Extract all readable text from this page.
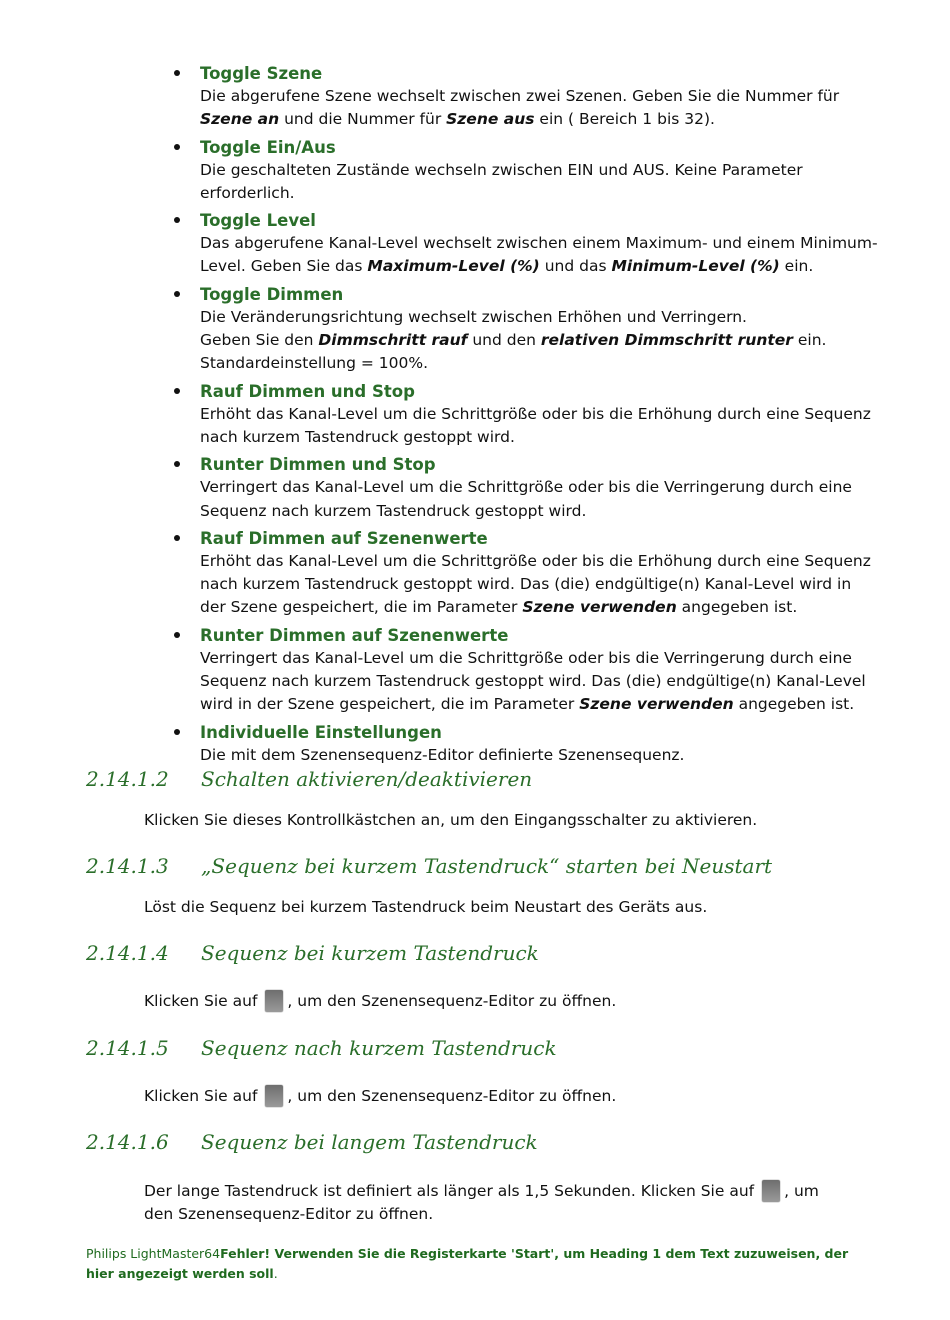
Toggle Szene
Die abgerufene Szene wechselt zwischen zwei Szenen. Geben Sie die Nummer für Szene an und die Nummer für Szene aus ein ( Bereich 1 bis 32).
Toggle Ein/Aus
Die geschalteten Zustände wechseln zwischen EIN und AUS. Keine Parameter erforderlich.
Toggle Level
Das abgerufene Kanal-Level wechselt zwischen einem Maximum- und einem Minimum-Level. Geben Sie das Maximum-Level (%) und das Minimum-Level (%) ein.
Toggle Dimmen
Die Veränderungsrichtung wechselt zwischen Erhöhen und Verringern.
Geben Sie den Dimmschritt rauf und den relativen Dimmschritt runter ein.
Standardeinstellung = 100%.
Rauf Dimmen und Stop
Erhöht das Kanal-Level um die Schrittgröße oder bis die Erhöhung durch eine Sequenz nach kurzem Tastendruck gestoppt wird.
Runter Dimmen und Stop
Verringert das Kanal-Level um die Schrittgröße oder bis die Verringerung durch eine Sequenz nach kurzem Tastendruck gestoppt wird.
Rauf Dimmen auf Szenenwerte
Erhöht das Kanal-Level um die Schrittgröße oder bis die Erhöhung durch eine Sequenz nach kurzem Tastendruck gestoppt wird. Das (die) endgültige(n) Kanal-Level wird in der Szene gespeichert, die im Parameter Szene verwenden angegeben ist.
Runter Dimmen auf Szenenwerte
Verringert das Kanal-Level um die Schrittgröße oder bis die Verringerung durch eine Sequenz nach kurzem Tastendruck gestoppt wird. Das (die) endgültige(n) Kanal-Level wird in der Szene gespeichert, die im Parameter Szene verwenden angegeben ist.
Individuelle Einstellungen
Die mit dem Szenensequenz-Editor definierte Szenensequenz.
2.14.1.2 Schalten aktivieren/deaktivieren
Klicken Sie dieses Kontrollkästchen an, um den Eingangsschalter zu aktivieren.
2.14.1.3 „Sequenz bei kurzem Tastendruck“ starten bei Neustart
Löst die Sequenz bei kurzem Tastendruck beim Neustart des Geräts aus.
2.14.1.4 Sequenz bei kurzem Tastendruck
Klicken Sie auf , um den Szenensequenz-Editor zu öffnen.
2.14.1.5 Sequenz nach kurzem Tastendruck
Klicken Sie auf , um den Szenensequenz-Editor zu öffnen.
2.14.1.6 Sequenz bei langem Tastendruck
Der lange Tastendruck ist definiert als länger als 1,5 Sekunden. Klicken Sie auf , um den Szenensequenz-Editor zu öffnen.
Philips LightMaster64Fehler! Verwenden Sie die Registerkarte 'Start', um Heading 1 dem Text zuzuweisen, der hier angezeigt werden soll.
